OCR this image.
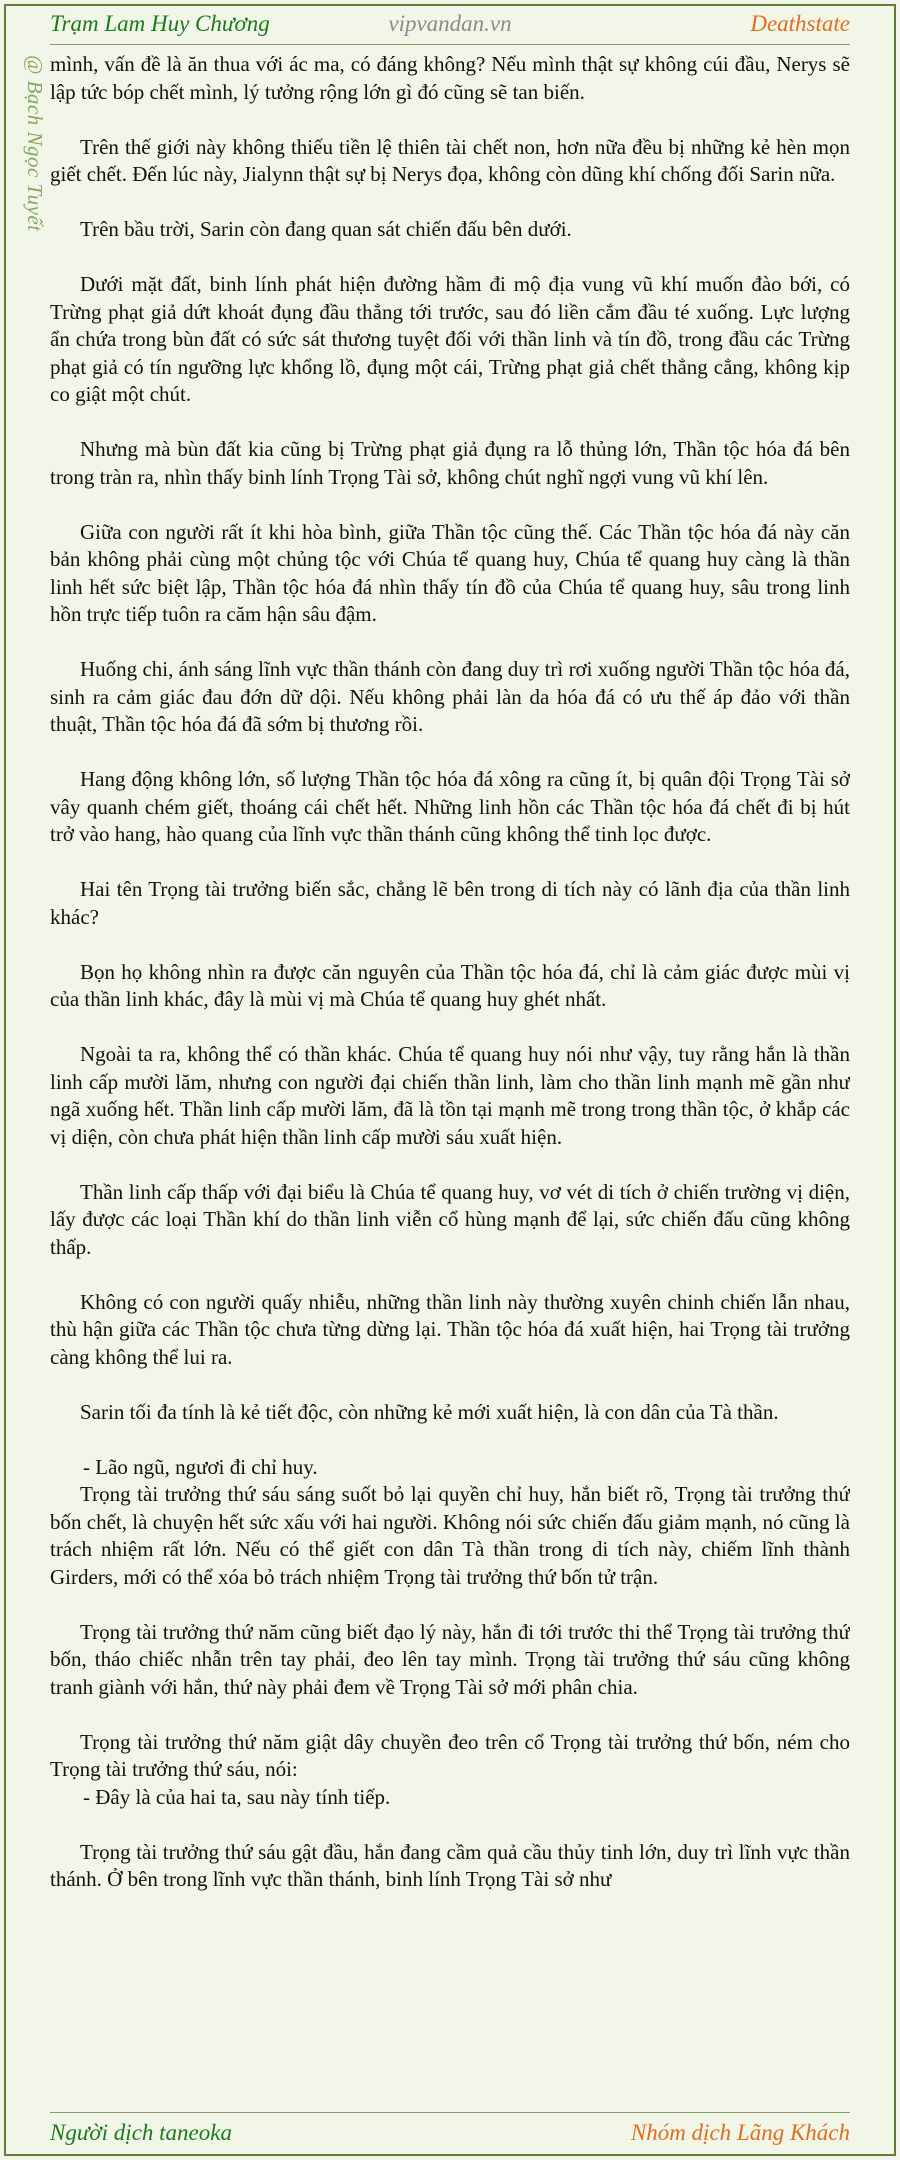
Trạm Lam Huy Chương	vipvandan.vn	Deathstate
@ Bạch Ngọc Tuyết mình, vấn đề là ăn thua với ác ma, có đáng không? Nếu mình thật sự không cúi đầu, Nerys sẽ lập tức bóp chết mình, lý tưởng rộng lớn gì đó cũng sẽ tan biến.

Trên thế giới này không thiếu tiền lệ thiên tài chết non, hơn nữa đều bị những kẻ hèn mọn giết chết. Đến lúc này, Jialynn thật sự bị Nerys đọa, không còn dũng khí chống đối Sarin nữa.

Trên bầu trời, Sarin còn đang quan sát chiến đấu bên dưới.

Dưới mặt đất, binh lính phát hiện đường hầm đi mộ địa vung vũ khí muốn đào bới, có Trừng phạt giả dứt khoát đụng đầu thẳng tới trước, sau đó liền cắm đầu té xuống. Lực lượng ẩn chứa trong bùn đất có sức sát thương tuyệt đối với thần linh và tín đồ, trong đầu các Trừng phạt giả có tín ngưỡng lực khổng lồ, đụng một cái, Trừng phạt giả chết thẳng cẳng, không kịp co giật một chút.

Nhưng mà bùn đất kia cũng bị Trừng phạt giả đụng ra lỗ thủng lớn, Thần tộc hóa đá bên trong tràn ra, nhìn thấy binh lính Trọng Tài sở, không chút nghĩ ngợi vung vũ khí lên.

Giữa con người rất ít khi hòa bình, giữa Thần tộc cũng thế. Các Thần tộc hóa đá này căn bản không phải cùng một chủng tộc với Chúa tể quang huy, Chúa tể quang huy càng là thần linh hết sức biệt lập, Thần tộc hóa đá nhìn thấy tín đồ của Chúa tể quang huy, sâu trong linh hồn trực tiếp tuôn ra căm hận sâu đậm.

Huống chi, ánh sáng lĩnh vực thần thánh còn đang duy trì rơi xuống người Thần tộc hóa đá, sinh ra cảm giác đau đớn dữ dội. Nếu không phải làn da hóa đá có ưu thế áp đảo với thần thuật, Thần tộc hóa đá đã sớm bị thương rồi.

Hang động không lớn, số lượng Thần tộc hóa đá xông ra cũng ít, bị quân đội Trọng Tài sở vây quanh chém giết, thoáng cái chết hết. Những linh hồn các Thần tộc hóa đá chết đi bị hút trở vào hang, hào quang của lĩnh vực thần thánh cũng không thể tinh lọc được.

Hai tên Trọng tài trưởng biến sắc, chẳng lẽ bên trong di tích này có lãnh địa của thần linh khác?

Bọn họ không nhìn ra được căn nguyên của Thần tộc hóa đá, chỉ là cảm giác được mùi vị của thần linh khác, đây là mùi vị mà Chúa tể quang huy ghét nhất.

Ngoài ta ra, không thể có thần khác. Chúa tể quang huy nói như vậy, tuy rằng hắn là thần linh cấp mười lăm, nhưng con người đại chiến thần linh, làm cho thần linh mạnh mẽ gần như ngã xuống hết. Thần linh cấp mười lăm, đã là tồn tại mạnh mẽ trong trong thần tộc, ở khắp các vị diện, còn chưa phát hiện thần linh cấp mười sáu xuất hiện.

Thần linh cấp thấp với đại biểu là Chúa tể quang huy, vơ vét di tích ở chiến trường vị diện, lấy được các loại Thần khí do thần linh viễn cổ hùng mạnh để lại, sức chiến đấu cũng không thấp.

Không có con người quấy nhiễu, những thần linh này thường xuyên chinh chiến lẫn nhau, thù hận giữa các Thần tộc chưa từng dừng lại. Thần tộc hóa đá xuất hiện, hai Trọng tài trưởng càng không thể lui ra.

Sarin tối đa tính là kẻ tiết độc, còn những kẻ mới xuất hiện, là con dân của Tà thần.

- Lão ngũ, ngươi đi chỉ huy.

Trọng tài trưởng thứ sáu sáng suốt bỏ lại quyền chỉ huy, hắn biết rõ, Trọng tài trưởng thứ bốn chết, là chuyện hết sức xấu với hai người. Không nói sức chiến đấu giảm mạnh, nó cũng là trách nhiệm rất lớn. Nếu có thể giết con dân Tà thần trong di tích này, chiếm lĩnh thành Girders, mới có thể xóa bỏ trách nhiệm Trọng tài trưởng thứ bốn tử trận.

Trọng tài trưởng thứ năm cũng biết đạo lý này, hắn đi tới trước thi thể Trọng tài trưởng thứ bốn, tháo chiếc nhẫn trên tay phải, đeo lên tay mình. Trọng tài trưởng thứ sáu cũng không tranh giành với hắn, thứ này phải đem về Trọng Tài sở mới phân chia.

Trọng tài trưởng thứ năm giật dây chuyền đeo trên cổ Trọng tài trưởng thứ bốn, ném cho Trọng tài trưởng thứ sáu, nói:

- Đây là của hai ta, sau này tính tiếp.

Trọng tài trưởng thứ sáu gật đầu, hắn đang cầm quả cầu thủy tinh lớn, duy trì lĩnh vực thần thánh. Ở bên trong lĩnh vực thần thánh, binh lính Trọng Tài sở như

Người dịch taneoka	Nhóm dịch Lãng Khách
